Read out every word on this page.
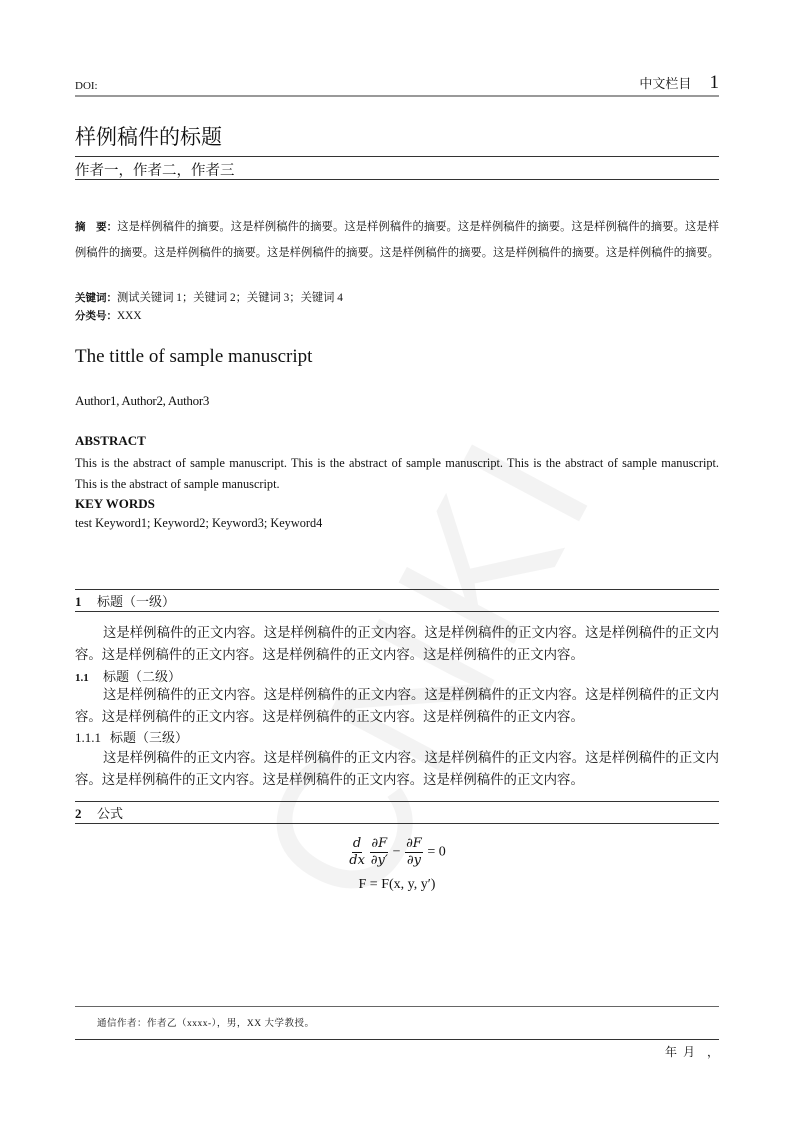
DOI:	中文栏目 1
样例稿件的标题
作者一，作者二，作者三
摘　要：这是样例稿件的摘要。这是样例稿件的摘要。这是样例稿件的摘要。这是样例稿件的摘要。这是样例稿件的摘要。这是样例稿件的摘要。这是样例稿件的摘要。这是样例稿件的摘要。这是样例稿件的摘要。这是样例稿件的摘要。这是样例稿件的摘要。
关键词：测试关键词 1；关键词 2；关键词 3；关键词 4
分类号：XXX
The tittle of sample manuscript
Author1, Author2, Author3
ABSTRACT
This is the abstract of sample manuscript. This is the abstract of sample manuscript. This is the abstract of sample manuscript. This is the abstract of sample manuscript.
KEY WORDS
test Keyword1; Keyword2; Keyword3; Keyword4
1 标题（一级）

这是样例稿件的正文内容。这是样例稿件的正文内容。这是样例稿件的正文内容。这是样例稿件的正文内容。这是样例稿件的正文内容。这是样例稿件的正文内容。这是样例稿件的正文内容。

1.1 标题（二级）

这是样例稿件的正文内容。这是样例稿件的正文内容。这是样例稿件的正文内容。这是样例稿件的正文内容。这是样例稿件的正文内容。这是样例稿件的正文内容。这是样例稿件的正文内容。

1.1.1 标题（三级）

这是样例稿件的正文内容。这是样例稿件的正文内容。这是样例稿件的正文内容。这是样例稿件的正文内容。这是样例稿件的正文内容。这是样例稿件的正文内容。这是样例稿件的正文内容。

2 公式
$\frac{d}{dx}$
$\frac{\partial F}{\partial y'} - \frac{\partial F}{\partial y} = 0$
F = F(x, y, y′)
通信作者：作者乙（xxxx-），男，XX 大学教授。
年  月    ，
